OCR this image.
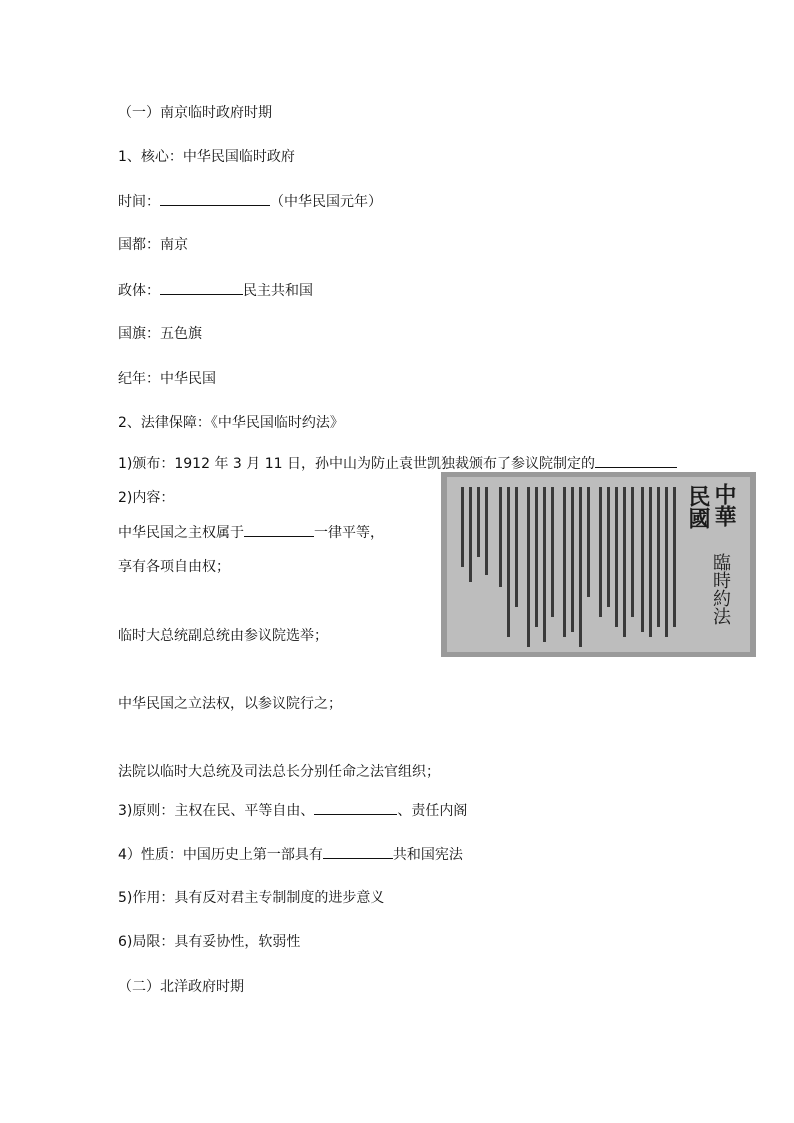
（一）南京临时政府时期
1、核心：中华民国临时政府
时间：	（中华民国元年）
国都：南京
政体：	民主共和国
国旗：五色旗
纪年：中华民国
2、法律保障：《中华民国临时约法》
1)颁布：1912 年 3 月 11 日，孙中山为防止袁世凯独裁颁布了参议院制定的
2)内容：
中华民国之主权属于	一律平等，
享有各项自由权；
临时大总统副总统由参议院选举；
中华民国之立法权，以参议院行之；
法院以临时大总统及司法总长分别任命之法官组织；
3)原则：主权在民、平等自由、	、责任内阁
4）性质：中国历史上第一部具有	共和国宪法
5)作用：具有反对君主专制制度的进步意义
6)局限：具有妥协性，软弱性
（二）北洋政府时期
中華
臨時約法
民國
